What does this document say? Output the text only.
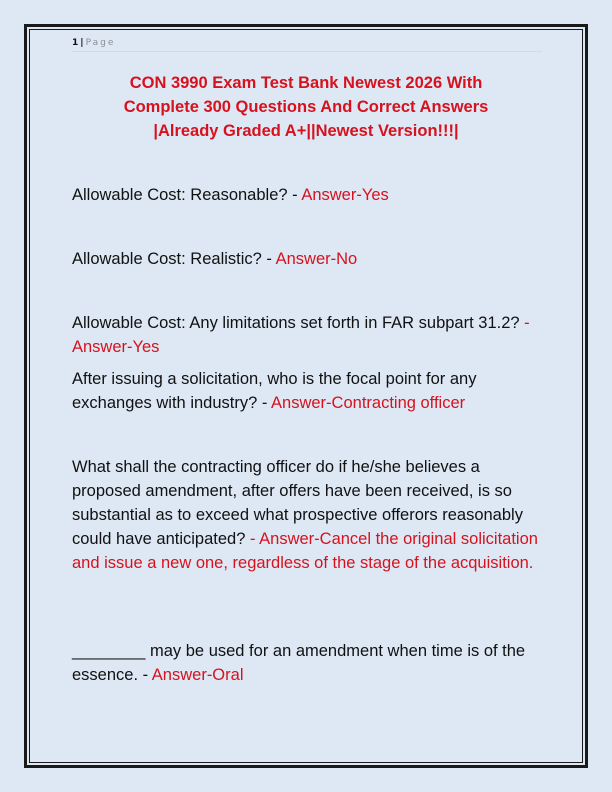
1 | Page
CON 3990 Exam Test Bank Newest 2026 With
Complete 300 Questions And Correct Answers
|Already Graded A+||Newest Version!!!|
Allowable Cost: Reasonable? - Answer-Yes
Allowable Cost: Realistic? - Answer-No
Allowable Cost: Any limitations set forth in FAR subpart 31.2? - Answer-Yes
After issuing a solicitation, who is the focal point for any exchanges with industry? - Answer-Contracting officer
What shall the contracting officer do if he/she believes a proposed amendment, after offers have been received, is so substantial as to exceed what prospective offerors reasonably could have anticipated? - Answer-Cancel the original solicitation and issue a new one, regardless of the stage of the acquisition.
________ may be used for an amendment when time is of the essence. - Answer-Oral
